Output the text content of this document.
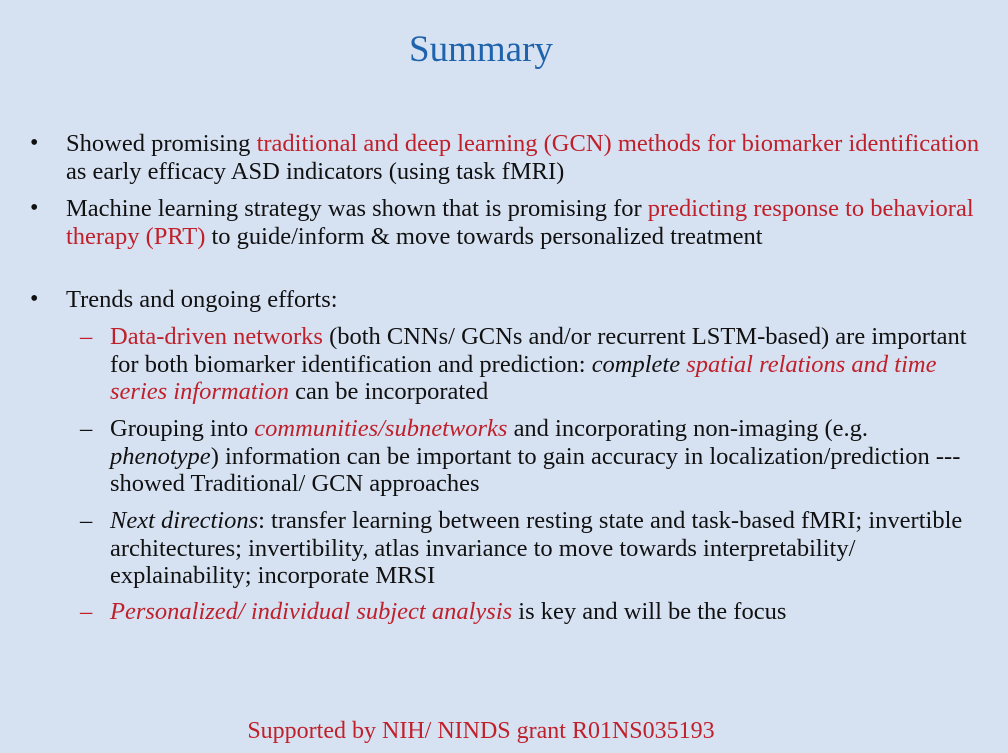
Summary
• Showed promising traditional and deep learning (GCN) methods for biomarker identification as early efficacy ASD indicators (using task fMRI)
• Machine learning strategy was shown that is promising for predicting response to behavioral therapy (PRT) to guide/inform & move towards personalized treatment
• Trends and ongoing efforts:
– Data-driven networks (both CNNs/ GCNs and/or recurrent LSTM-based) are important for both biomarker identification and prediction: complete spatial relations and time series information can be incorporated
– Grouping into communities/subnetworks and incorporating non-imaging (e.g. phenotype) information can be important to gain accuracy in localization/prediction --- showed Traditional/ GCN approaches
– Next directions: transfer learning between resting state and task-based fMRI; invertible architectures; invertibility, atlas invariance to move towards interpretability/ explainability; incorporate MRSI
– Personalized/ individual subject analysis is key and will be the focus
Supported by NIH/ NINDS grant R01NS035193
